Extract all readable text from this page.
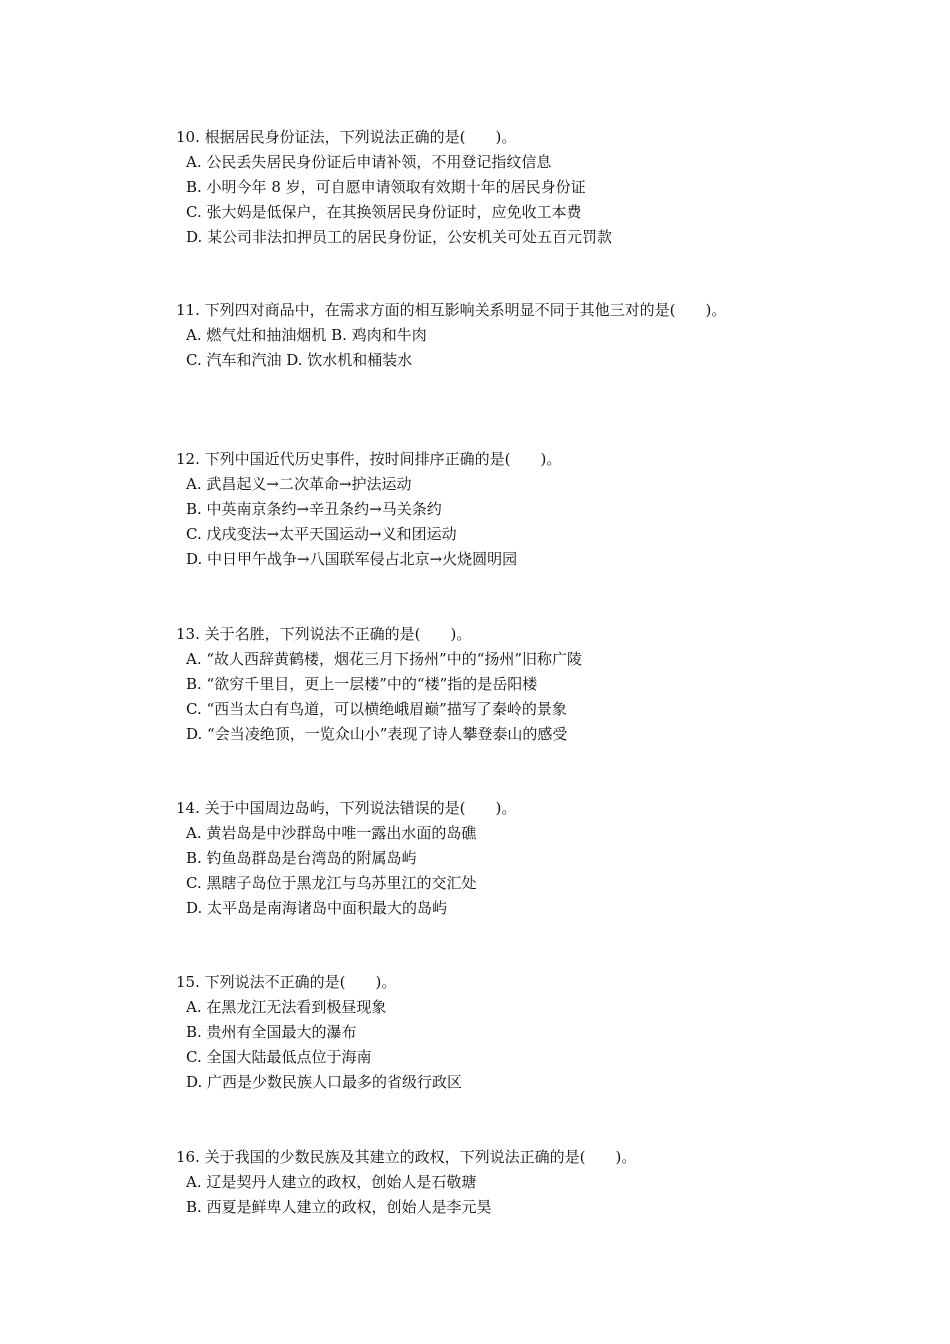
10. 根据居民身份证法，下列说法正确的是(　　)。
A. 公民丢失居民身份证后申请补领，不用登记指纹信息
B. 小明今年 8 岁，可自愿申请领取有效期十年的居民身份证
C. 张大妈是低保户，在其换领居民身份证时，应免收工本费
D. 某公司非法扣押员工的居民身份证，公安机关可处五百元罚款
11. 下列四对商品中，在需求方面的相互影响关系明显不同于其他三对的是(　　)。
A. 燃气灶和抽油烟机 B. 鸡肉和牛肉
C. 汽车和汽油 D. 饮水机和桶装水
12. 下列中国近代历史事件，按时间排序正确的是(　　)。
A. 武昌起义→二次革命→护法运动
B. 中英南京条约→辛丑条约→马关条约
C. 戊戌变法→太平天国运动→义和团运动
D. 中日甲午战争→八国联军侵占北京→火烧圆明园
13. 关于名胜，下列说法不正确的是(　　)。
A. “故人西辞黄鹤楼，烟花三月下扬州”中的“扬州”旧称广陵
B. “欲穷千里目，更上一层楼”中的“楼”指的是岳阳楼
C. “西当太白有鸟道，可以横绝峨眉巅”描写了秦岭的景象
D. “会当凌绝顶，一览众山小”表现了诗人攀登泰山的感受
14. 关于中国周边岛屿，下列说法错误的是(　　)。
A. 黄岩岛是中沙群岛中唯一露出水面的岛礁
B. 钓鱼岛群岛是台湾岛的附属岛屿
C. 黑瞎子岛位于黑龙江与乌苏里江的交汇处
D. 太平岛是南海诸岛中面积最大的岛屿
15. 下列说法不正确的是(　　)。
A. 在黑龙江无法看到极昼现象
B. 贵州有全国最大的瀑布
C. 全国大陆最低点位于海南
D. 广西是少数民族人口最多的省级行政区
16. 关于我国的少数民族及其建立的政权，下列说法正确的是(　　)。
A. 辽是契丹人建立的政权，创始人是石敬瑭
B. 西夏是鲜卑人建立的政权，创始人是李元昊
